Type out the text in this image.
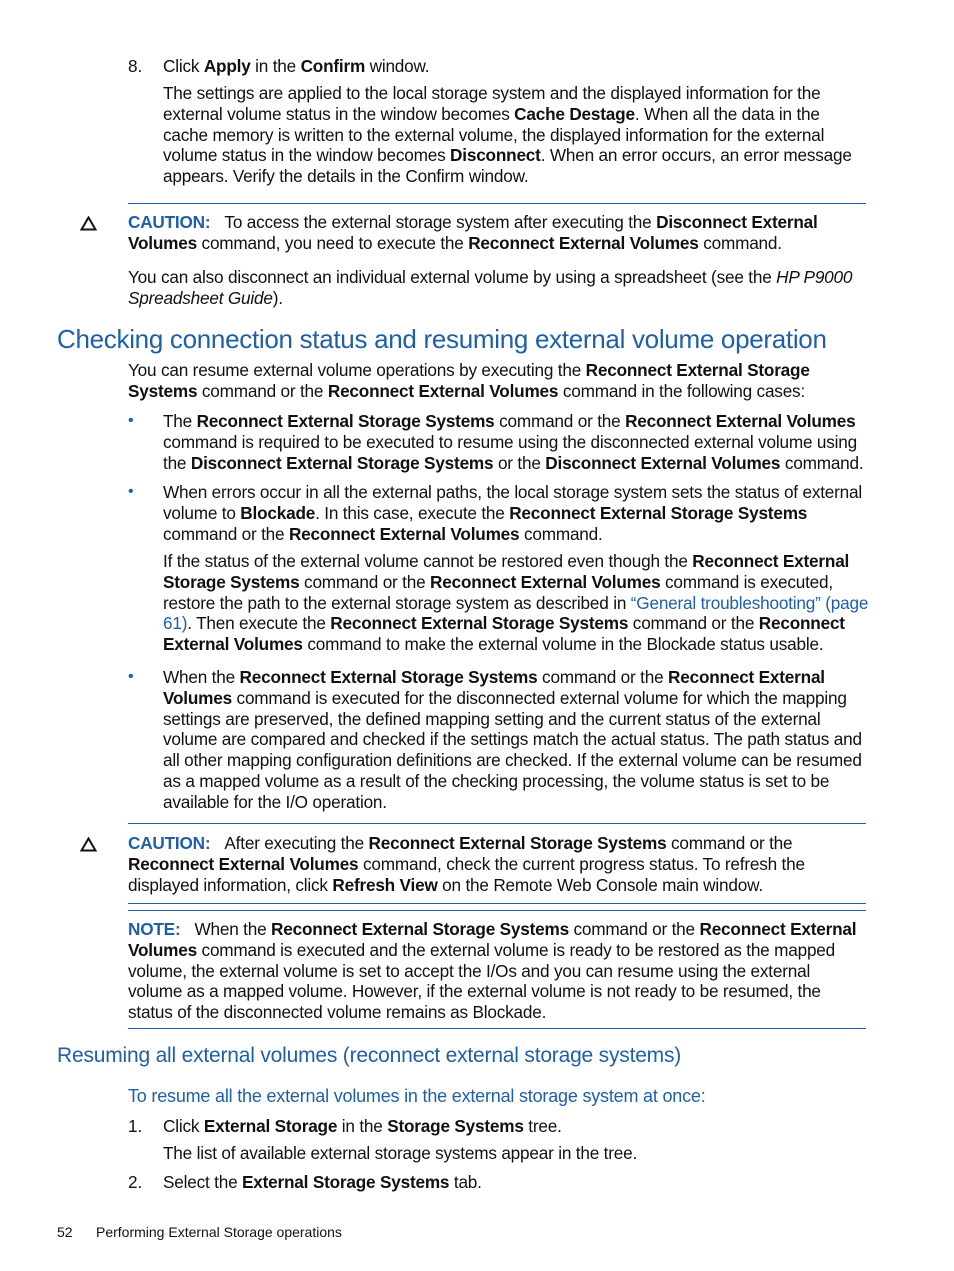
8. Click Apply in the Confirm window.
The settings are applied to the local storage system and the displayed information for the external volume status in the window becomes Cache Destage. When all the data in the cache memory is written to the external volume, the displayed information for the external volume status in the window becomes Disconnect. When an error occurs, an error message appears. Verify the details in the Confirm window.
CAUTION: To access the external storage system after executing the Disconnect External Volumes command, you need to execute the Reconnect External Volumes command.
You can also disconnect an individual external volume by using a spreadsheet (see the HP P9000 Spreadsheet Guide).
Checking connection status and resuming external volume operation
You can resume external volume operations by executing the Reconnect External Storage Systems command or the Reconnect External Volumes command in the following cases:
• The Reconnect External Storage Systems command or the Reconnect External Volumes command is required to be executed to resume using the disconnected external volume using the Disconnect External Storage Systems or the Disconnect External Volumes command.
• When errors occur in all the external paths, the local storage system sets the status of external volume to Blockade. In this case, execute the Reconnect External Storage Systems command or the Reconnect External Volumes command.
If the status of the external volume cannot be restored even though the Reconnect External Storage Systems command or the Reconnect External Volumes command is executed, restore the path to the external storage system as described in “General troubleshooting” (page 61). Then execute the Reconnect External Storage Systems command or the Reconnect External Volumes command to make the external volume in the Blockade status usable.
• When the Reconnect External Storage Systems command or the Reconnect External Volumes command is executed for the disconnected external volume for which the mapping settings are preserved, the defined mapping setting and the current status of the external volume are compared and checked if the settings match the actual status. The path status and all other mapping configuration definitions are checked. If the external volume can be resumed as a mapped volume as a result of the checking processing, the volume status is set to be available for the I/O operation.
CAUTION: After executing the Reconnect External Storage Systems command or the Reconnect External Volumes command, check the current progress status. To refresh the displayed information, click Refresh View on the Remote Web Console main window.
NOTE: When the Reconnect External Storage Systems command or the Reconnect External Volumes command is executed and the external volume is ready to be restored as the mapped volume, the external volume is set to accept the I/Os and you can resume using the external volume as a mapped volume. However, if the external volume is not ready to be resumed, the status of the disconnected volume remains as Blockade.
Resuming all external volumes (reconnect external storage systems)
To resume all the external volumes in the external storage system at once:
1. Click External Storage in the Storage Systems tree.
The list of available external storage systems appear in the tree.
2. Select the External Storage Systems tab.
52 Performing External Storage operations
